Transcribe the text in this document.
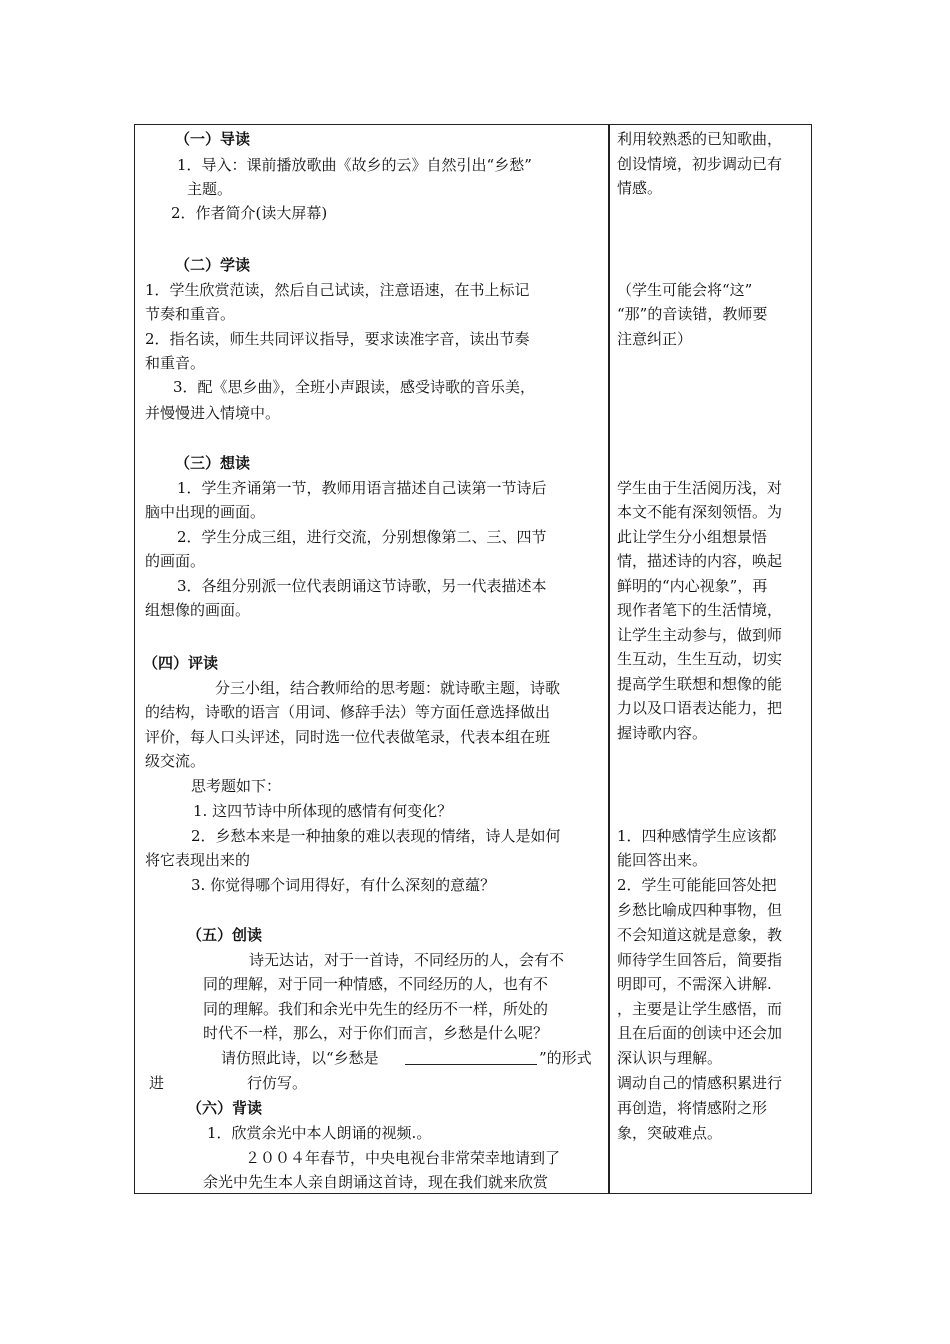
（一）导读
1．导入：课前播放歌曲《故乡的云》自然引出“乡愁”
主题。
2．作者简介(读大屏幕)
（二）学读
1．学生欣赏范读，然后自己试读，注意语速，在书上标记
节奏和重音。
2．指名读，师生共同评议指导，要求读准字音，读出节奏
和重音。
3．配《思乡曲》，全班小声跟读，感受诗歌的音乐美，
并慢慢进入情境中。
（三）想读
1．学生齐诵第一节，教师用语言描述自己读第一节诗后
脑中出现的画面。
2．学生分成三组，进行交流，分别想像第二、三、四节
的画面。
3．各组分别派一位代表朗诵这节诗歌，另一代表描述本
组想像的画面。
（四）评读
分三小组，结合教师给的思考题：就诗歌主题，诗歌
的结构，诗歌的语言（用词、修辞手法）等方面任意选择做出
评价，每人口头评述，同时选一位代表做笔录，代表本组在班
级交流。
思考题如下：
1. 这四节诗中所体现的感情有何变化？
2．乡愁本来是一种抽象的难以表现的情绪，诗人是如何
将它表现出来的
3. 你觉得哪个词用得好，有什么深刻的意蕴？
（五）创读
诗无达诂，对于一首诗，不同经历的人，会有不
同的理解，对于同一种情感，不同经历的人，也有不
同的理解。我们和余光中先生的经历不一样，所处的
时代不一样，那么，对于你们而言，乡愁是什么呢？
请仿照此诗，以“乡愁是	”的形式
进	行仿写。
（六）背读
1．欣赏余光中本人朗诵的视频.。
２００４年春节，中央电视台非常荣幸地请到了
余光中先生本人亲自朗诵这首诗，现在我们就来欣赏
利用较熟悉的已知歌曲，
创设情境，初步调动已有
情感。
（学生可能会将“这”
“那”的音读错，教师要
注意纠正）
学生由于生活阅历浅，对
本文不能有深刻领悟。为
此让学生分小组想景悟
情，描述诗的内容，唤起
鲜明的“内心视象”，再
现作者笔下的生活情境，
让学生主动参与，做到师
生互动，生生互动，切实
提高学生联想和想像的能
力以及口语表达能力，把
握诗歌内容。
1．四种感情学生应该都
能回答出来。
2．学生可能能回答处把
乡愁比喻成四种事物，但
不会知道这就是意象，教
师待学生回答后，简要指
明即可，不需深入讲解.
，主要是让学生感悟，而
且在后面的创读中还会加
深认识与理解。
调动自己的情感积累进行
再创造，将情感附之形
象，突破难点。
